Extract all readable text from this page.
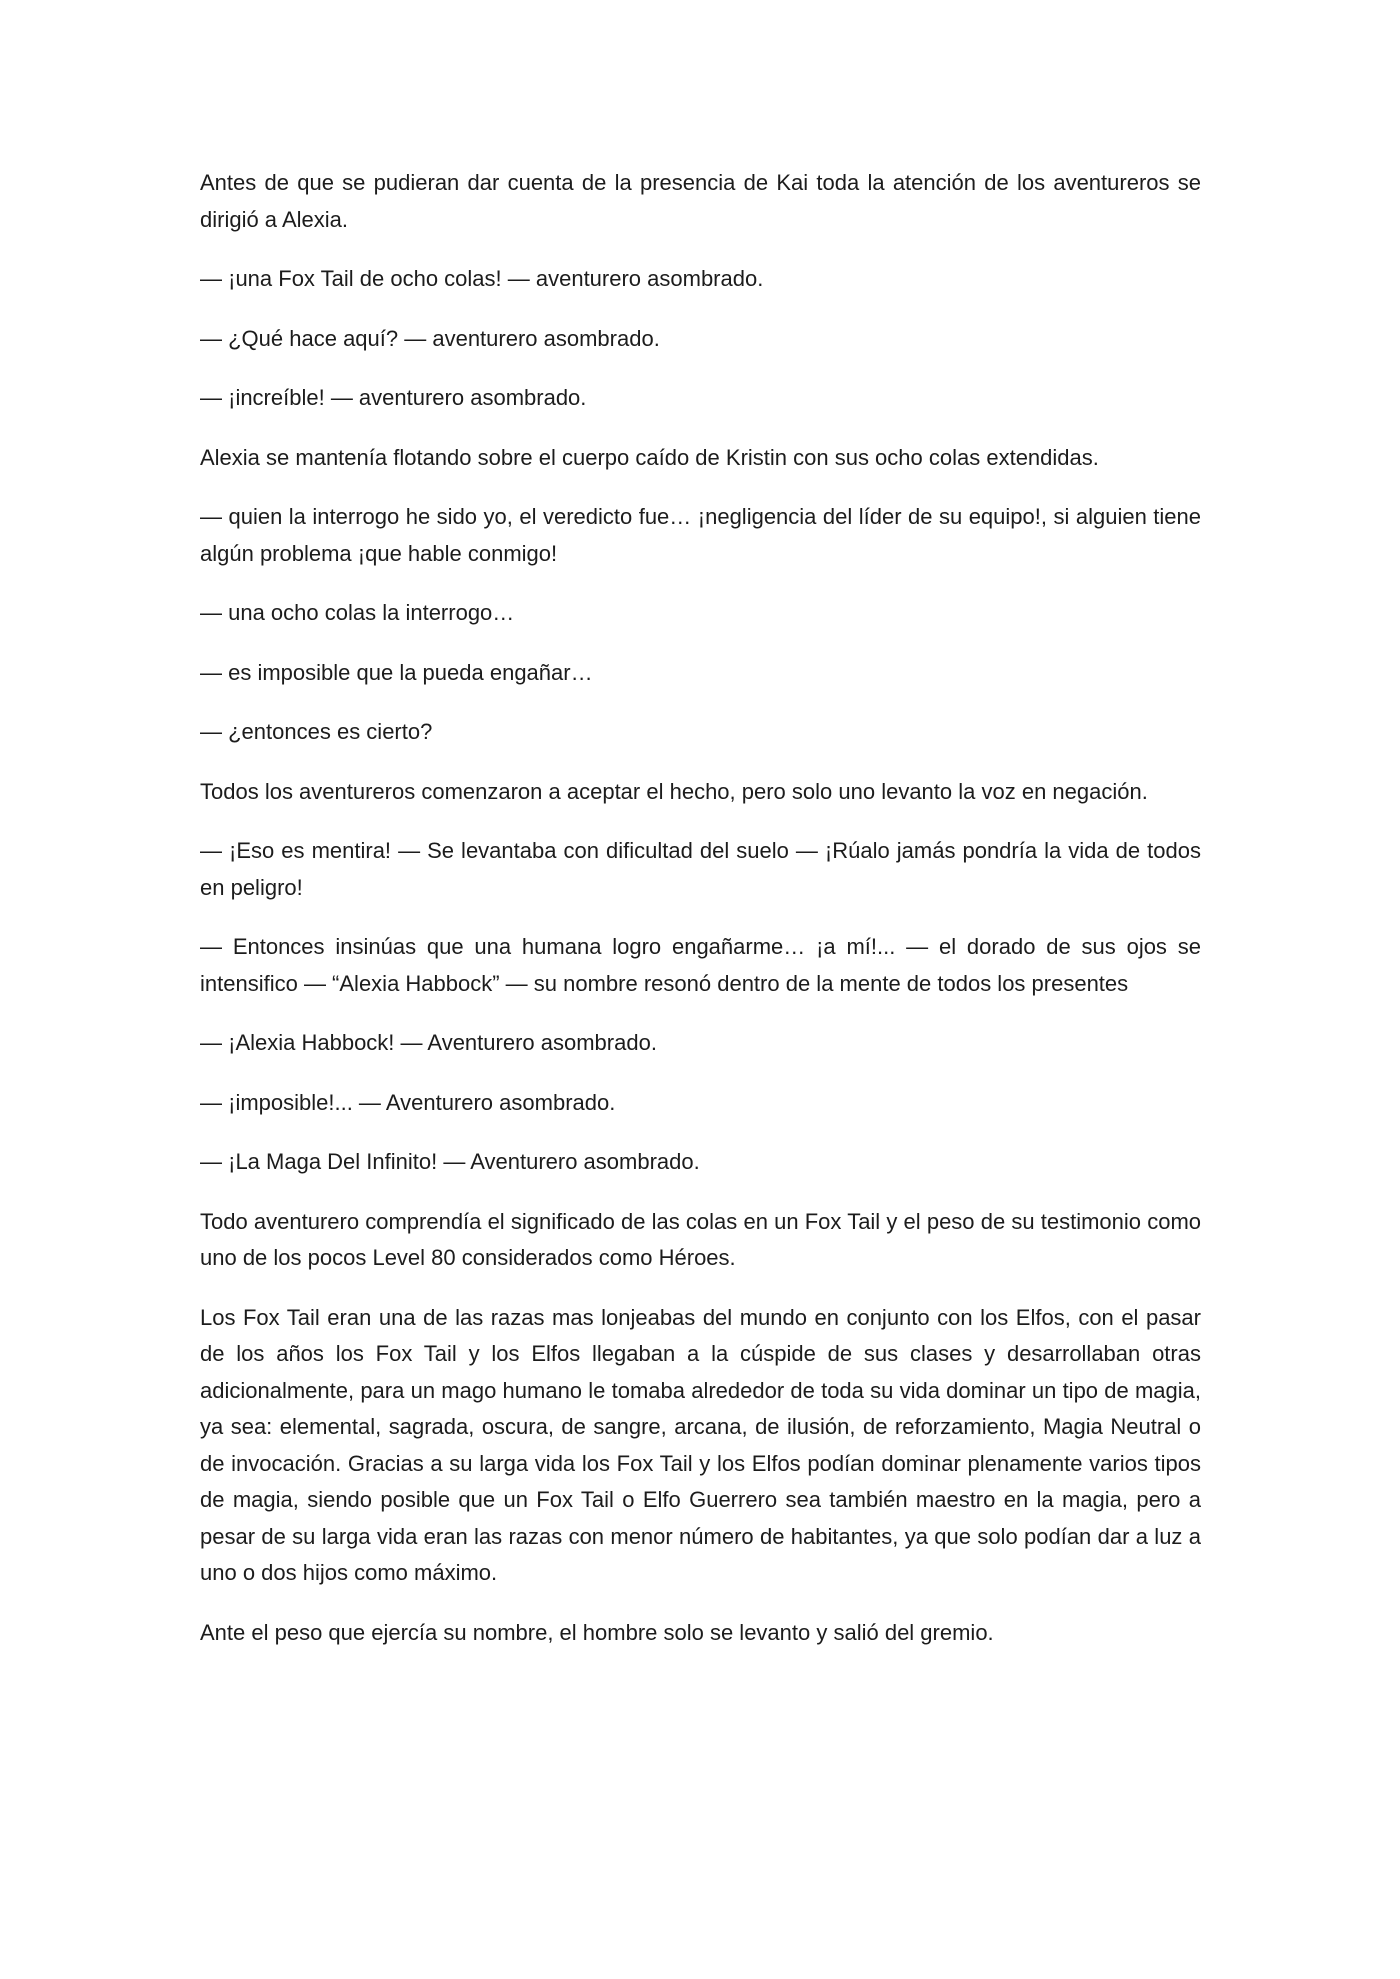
Antes de que se pudieran dar cuenta de la presencia de Kai toda la atención de los aventureros se dirigió a Alexia.

— ¡una Fox Tail de ocho colas! — aventurero asombrado.

— ¿Qué hace aquí? — aventurero asombrado.

— ¡increíble! — aventurero asombrado.

Alexia se mantenía flotando sobre el cuerpo caído de Kristin con sus ocho colas extendidas.

— quien la interrogo he sido yo, el veredicto fue… ¡negligencia del líder de su equipo!, si alguien tiene algún problema ¡que hable conmigo!

— una ocho colas la interrogo…

— es imposible que la pueda engañar…

— ¿entonces es cierto?

Todos los aventureros comenzaron a aceptar el hecho, pero solo uno levanto la voz en negación.

— ¡Eso es mentira! — Se levantaba con dificultad del suelo — ¡Rúalo jamás pondría la vida de todos en peligro!

— Entonces insinúas que una humana logro engañarme… ¡a mí!... — el dorado de sus ojos se intensifico — “Alexia Habbock” — su nombre resonó dentro de la mente de todos los presentes

— ¡Alexia Habbock! — Aventurero asombrado.

— ¡imposible!... — Aventurero asombrado.

— ¡La Maga Del Infinito! — Aventurero asombrado.

Todo aventurero comprendía el significado de las colas en un Fox Tail y el peso de su testimonio como uno de los pocos Level 80 considerados como Héroes.

Los Fox Tail eran una de las razas mas lonjeabas del mundo en conjunto con los Elfos, con el pasar de los años los Fox Tail y los Elfos llegaban a la cúspide de sus clases y desarrollaban otras adicionalmente, para un mago humano le tomaba alrededor de toda su vida dominar un tipo de magia, ya sea: elemental, sagrada, oscura, de sangre, arcana, de ilusión, de reforzamiento, Magia Neutral o de invocación. Gracias a su larga vida los Fox Tail y los Elfos podían dominar plenamente varios tipos de magia, siendo posible que un Fox Tail o Elfo Guerrero sea también maestro en la magia, pero a pesar de su larga vida eran las razas con menor número de habitantes, ya que solo podían dar a luz a uno o dos hijos como máximo.

Ante el peso que ejercía su nombre, el hombre solo se levanto y salió del gremio.
